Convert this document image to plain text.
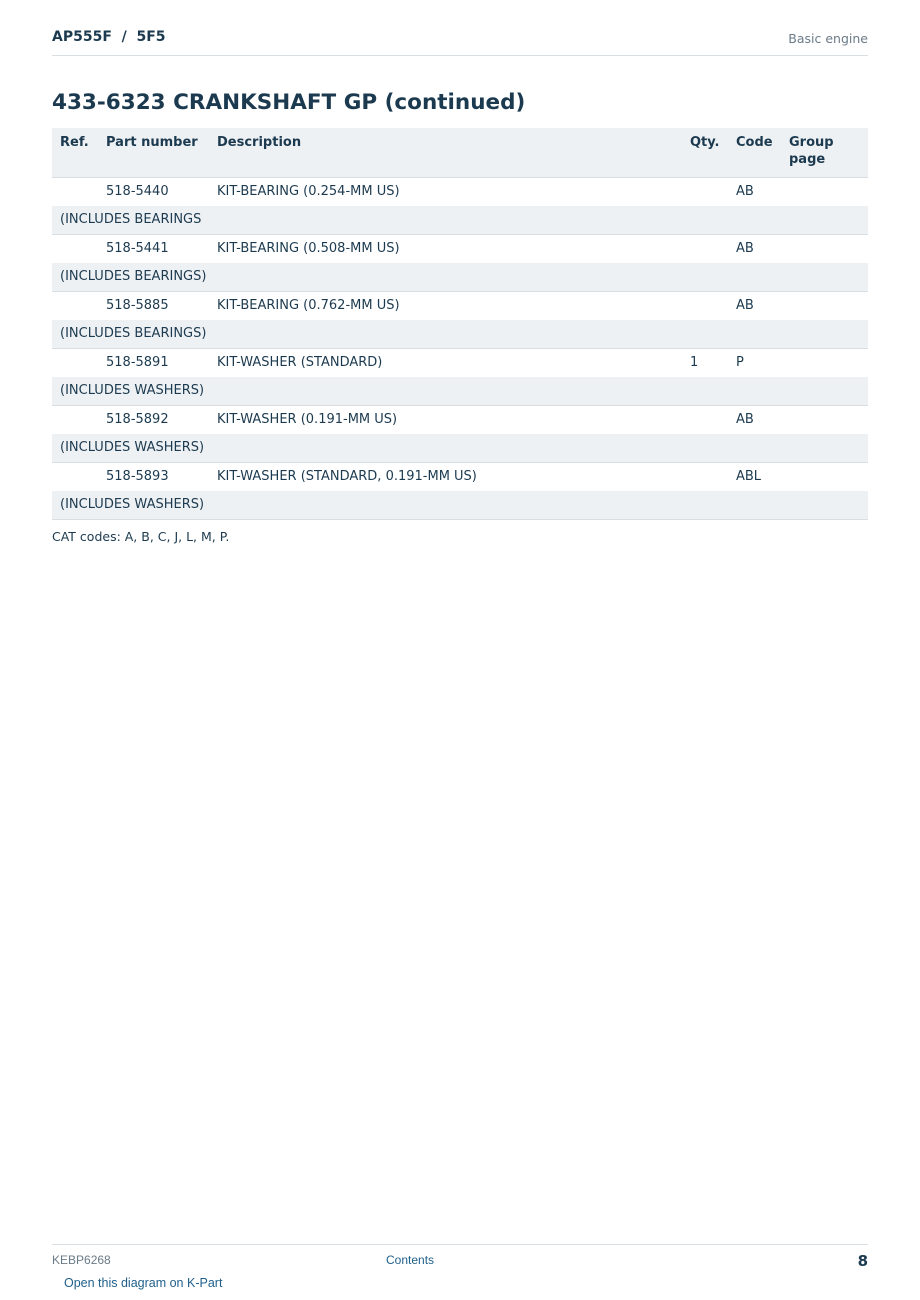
AP555F  /  5F5	Basic engine
433-6323 CRANKSHAFT GP (continued)
Ref.	Part number	Description	Qty.	Code	Group page
	518-5440	KIT-BEARING (0.254-MM US)		AB	
(INCLUDES BEARINGS					
	518-5441	KIT-BEARING (0.508-MM US)		AB	
(INCLUDES BEARINGS)					
	518-5885	KIT-BEARING (0.762-MM US)		AB	
(INCLUDES BEARINGS)					
	518-5891	KIT-WASHER (STANDARD)	1	P	
(INCLUDES WASHERS)					
	518-5892	KIT-WASHER (0.191-MM US)		AB	
(INCLUDES WASHERS)					
	518-5893	KIT-WASHER (STANDARD, 0.191-MM US)		ABL	
(INCLUDES WASHERS)					
CAT codes: A, B, C, J, L, M, P.
KEBP6268	Contents	8
Open this diagram on K-Part
